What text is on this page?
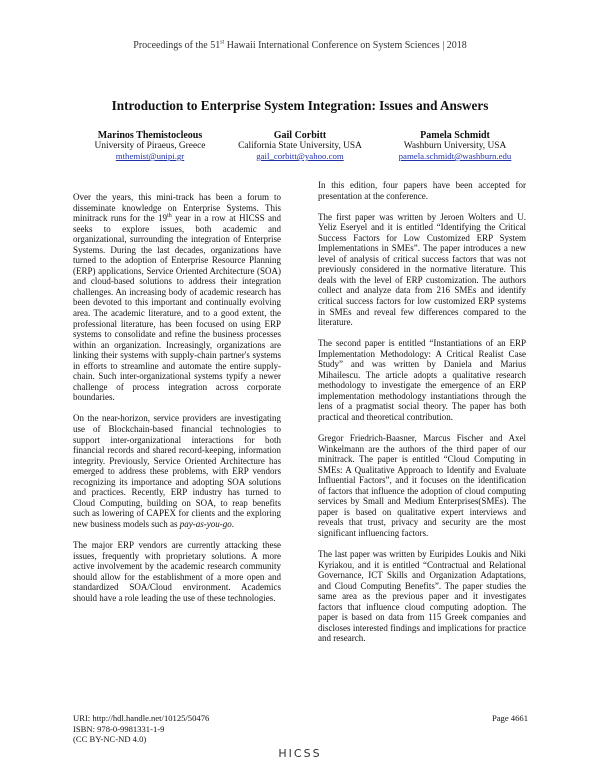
Proceedings of the 51st Hawaii International Conference on System Sciences | 2018
Introduction to Enterprise System Integration: Issues and Answers
Marinos Themistocleous
University of Piraeus, Greece
mthemist@unipi.gr
Gail Corbitt
California State University, USA
gail_corbitt@yahoo.com
Pamela Schmidt
Washburn University, USA
pamela.schmidt@washburn.edu

Over the years, this mini-track has been a forum to disseminate knowledge on Enterprise Systems. This minitrack runs for the 19th year in a row at HICSS and seeks to explore issues, both academic and organizational, surrounding the integration of Enterprise Systems. During the last decades, organizations have turned to the adoption of Enterprise Resource Planning (ERP) applications, Service Oriented Architecture (SOA) and cloud-based solutions to address their integration challenges. An increasing body of academic research has been devoted to this important and continually evolving area. The academic literature, and to a good extent, the professional literature, has been focused on using ERP systems to consolidate and refine the business processes within an organization. Increasingly, organizations are linking their systems with supply-chain partner's systems in efforts to streamline and automate the entire supply-chain. Such inter-organizational systems typify a newer challenge of process integration across corporate boundaries.

On the near-horizon, service providers are investigating use of Blockchain-based financial technologies to support inter-organizational interactions for both financial records and shared record-keeping, information integrity. Previously, Service Oriented Architecture has emerged to address these problems, with ERP vendors recognizing its importance and adopting SOA solutions and practices. Recently, ERP industry has turned to Cloud Computing, building on SOA, to reap benefits such as lowering of CAPEX for clients and the exploring new business models such as pay-as-you-go.

The major ERP vendors are currently attacking these issues, frequently with proprietary solutions. A more active involvement by the academic research community should allow for the establishment of a more open and standardized SOA/Cloud environment. Academics should have a role leading the use of these technologies.

In this edition, four papers have been accepted for presentation at the conference.

The first paper was written by Jeroen Wolters and U. Yeliz Eseryel and it is entitled “Identifying the Critical Success Factors for Low Customized ERP System Implementations in SMEs”. The paper introduces a new level of analysis of critical success factors that was not previously considered in the normative literature. This deals with the level of ERP customization. The authors collect and analyze data from 216 SMEs and identify critical success factors for low customized ERP systems in SMEs and reveal few differences compared to the literature.

The second paper is entitled “Instantiations of an ERP Implementation Methodology: A Critical Realist Case Study” and was written by Daniela and Marius Mihailescu. The article adopts a qualitative research methodology to investigate the emergence of an ERP implementation methodology instantiations through the lens of a pragmatist social theory. The paper has both practical and theoretical contribution.

Gregor Friedrich-Baasner, Marcus Fischer and Axel Winkelmann are the authors of the third paper of our minitrack. The paper is entitled “Cloud Computing in SMEs: A Qualitative Approach to Identify and Evaluate Influential Factors”, and it focuses on the identification of factors that influence the adoption of cloud computing services by Small and Medium Enterprises(SMEs). The paper is based on qualitative expert interviews and reveals that trust, privacy and security are the most significant influencing factors.

The last paper was written by Euripides Loukis and Niki Kyriakou, and it is entitled “Contractual and Relational Governance, ICT Skills and Organization Adaptations, and Cloud Computing Benefits”. The paper studies the same area as the previous paper and it investigates factors that influence cloud computing adoption. The paper is based on data from 115 Greek companies and discloses interested findings and implications for practice and research.

URI: http://hdl.handle.net/10125/50476
ISBN: 978-0-9981331-1-9
(CC BY-NC-ND 4.0)
Page 4661
HICSS
